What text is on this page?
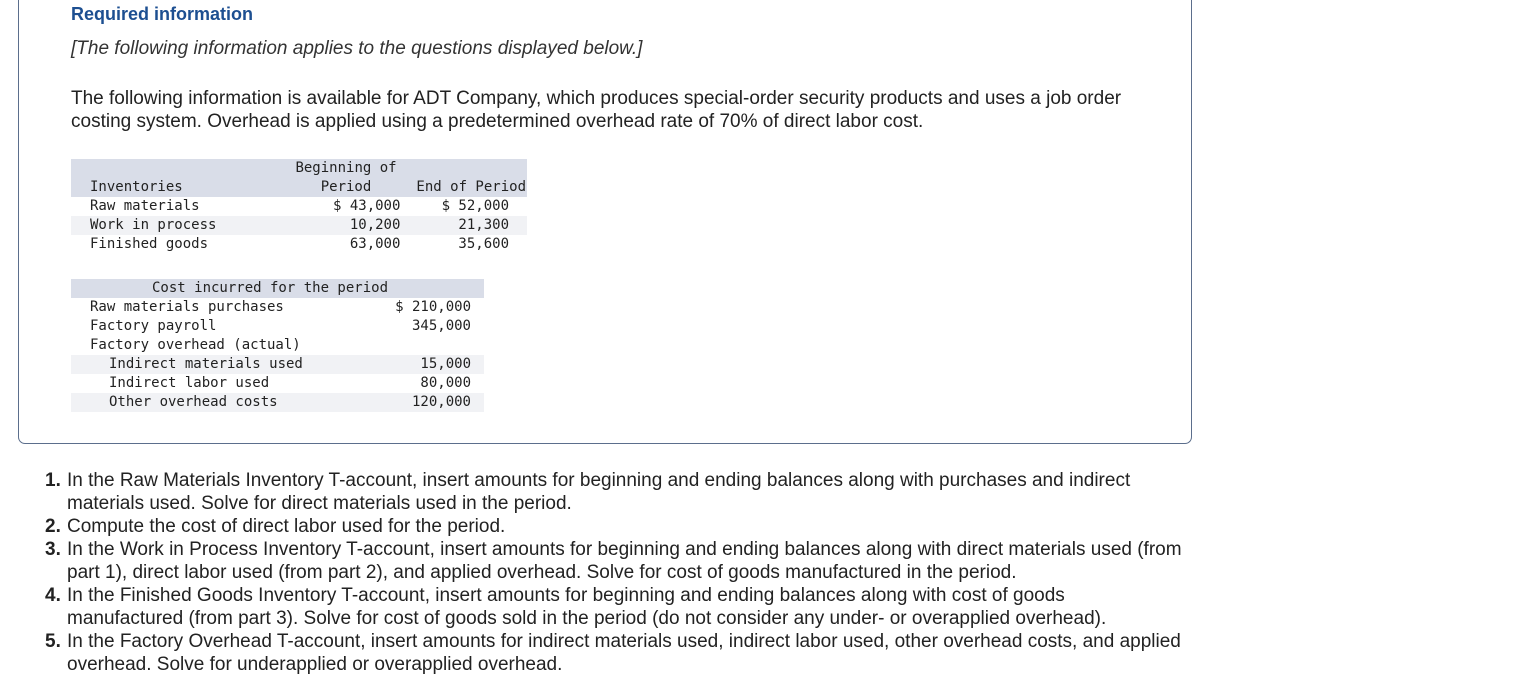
Required information
[The following information applies to the questions displayed below.]
The following information is available for ADT Company, which produces special-order security products and uses a job order costing system. Overhead is applied using a predetermined overhead rate of 70% of direct labor cost.
	Beginning of	
Inventories	Period	End of Period
Raw materials	$ 43,000	$ 52,000
Work in process	10,200	21,300
Finished goods	63,000	35,600
Cost incurred for the period	
Raw materials purchases	$ 210,000
Factory payroll	345,000
Factory overhead (actual)	
Indirect materials used	15,000
Indirect labor used	80,000
Other overhead costs	120,000
1. In the Raw Materials Inventory T-account, insert amounts for beginning and ending balances along with purchases and indirect materials used. Solve for direct materials used in the period.
2. Compute the cost of direct labor used for the period.
3. In the Work in Process Inventory T-account, insert amounts for beginning and ending balances along with direct materials used (from part 1), direct labor used (from part 2), and applied overhead. Solve for cost of goods manufactured in the period.
4. In the Finished Goods Inventory T-account, insert amounts for beginning and ending balances along with cost of goods manufactured (from part 3). Solve for cost of goods sold in the period (do not consider any under- or overapplied overhead).
5. In the Factory Overhead T-account, insert amounts for indirect materials used, indirect labor used, other overhead costs, and applied overhead. Solve for underapplied or overapplied overhead.
